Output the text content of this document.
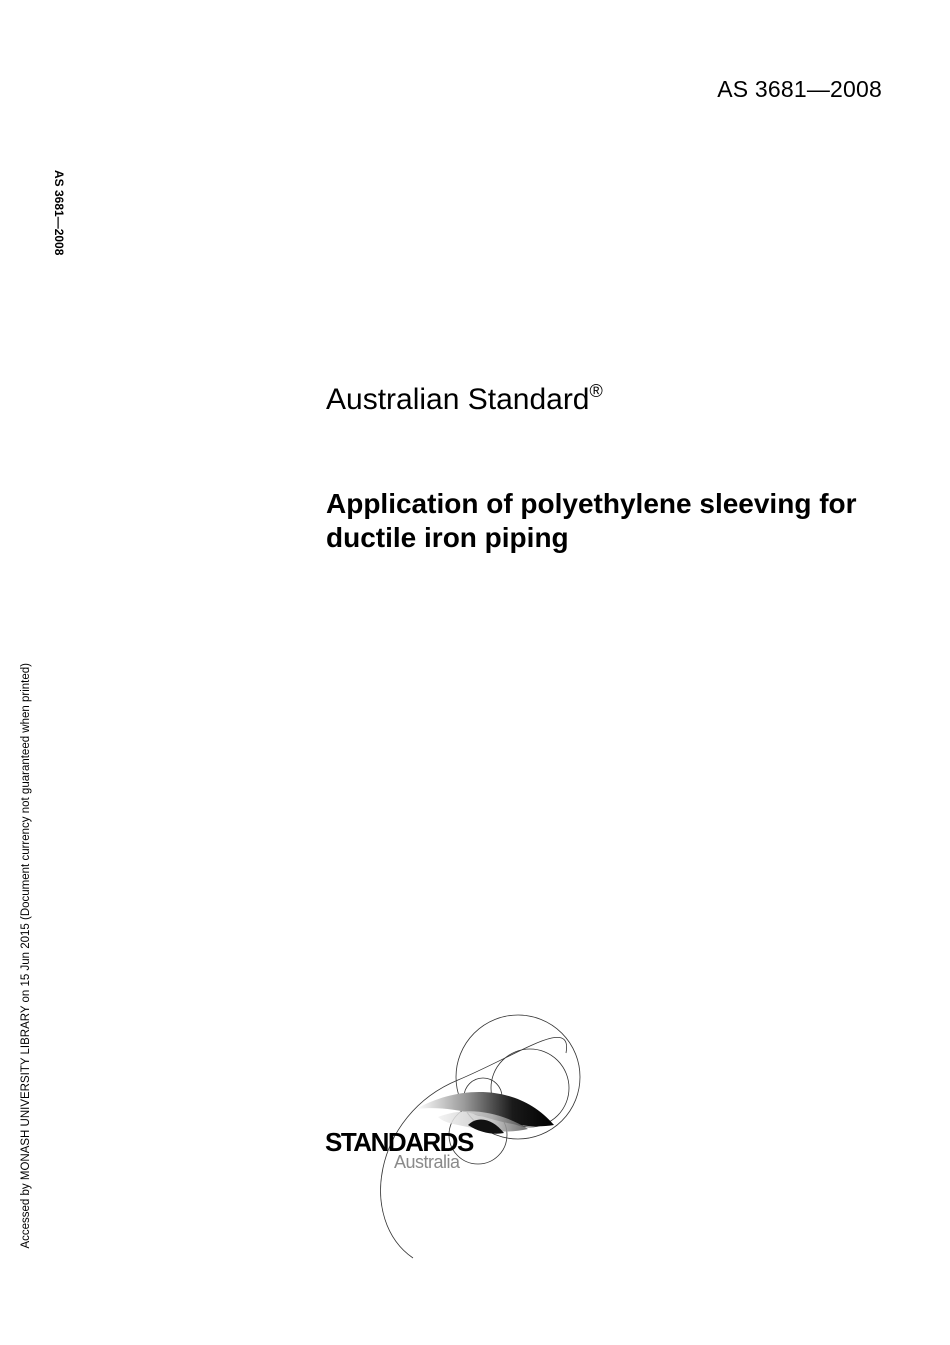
AS 3681—2008
AS 3681—2008
Accessed by MONASH UNIVERSITY LIBRARY on 15 Jun 2015 (Document currency not guaranteed when printed)
Australian Standard®
Application of polyethylene sleeving for ductile iron piping
STANDARDS
Australia
